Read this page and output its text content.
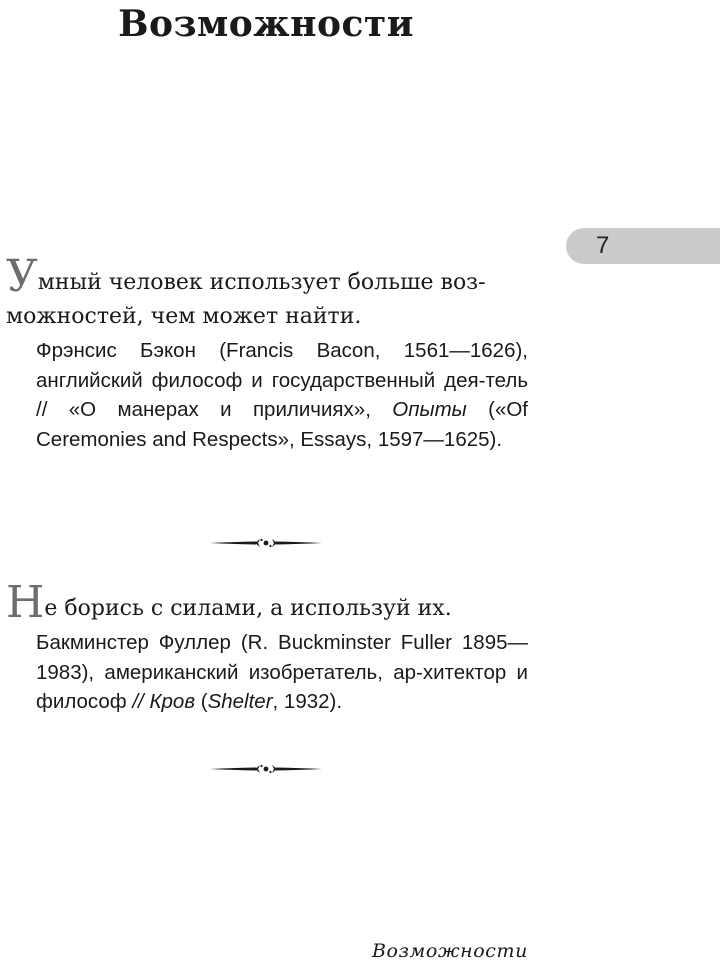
Возможности
7

Умный человек использует больше воз-можностей, чем может найти.

Фрэнсис Бэкон (Francis Bacon, 1561—1626), английский философ и государственный дея-тель // «О манерах и приличиях», Опыты («Of Ceremonies and Respects», Essays, 1597—1625).

Не борись с силами, а используй их.

Бакминстер Фуллер (R. Buckminster Fuller 1895—1983), американский изобретатель, ар-хитектор и философ // Кров (Shelter, 1932).

Возможности
